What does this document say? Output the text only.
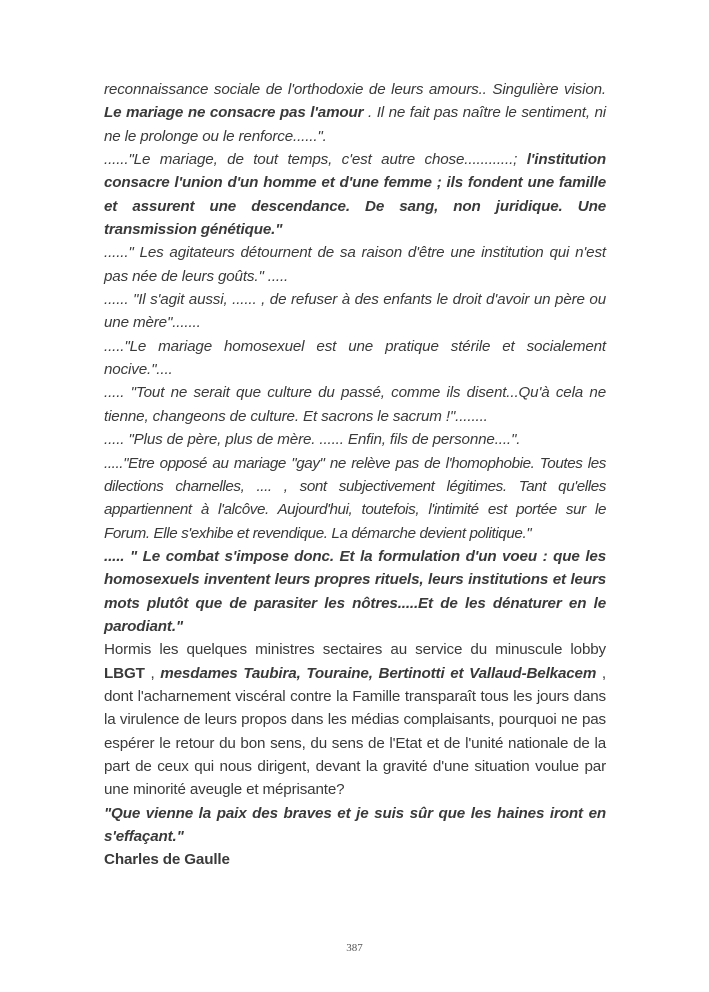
reconnaissance sociale de l'orthodoxie de leurs amours.. Singulière vision. Le mariage ne consacre pas l'amour . Il ne fait pas naître le sentiment, ni ne le prolonge ou le renforce......".

......"Le mariage, de tout temps, c'est autre chose............; l'institution consacre l'union d'un homme et d'une femme ; ils fondent une famille et assurent une descendance. De sang, non juridique. Une transmission génétique."

......" Les agitateurs détournent de sa raison d'être une institution qui n'est pas née de leurs goûts." .....

...... "Il s'agit aussi, ...... , de refuser à des enfants le droit d'avoir un père ou une mère".......

....."Le mariage homosexuel est une pratique stérile et socialement nocive."....

..... "Tout ne serait que culture du passé, comme ils disent...Qu'à cela ne tienne, changeons de culture. Et sacrons le sacrum !"........

..... "Plus de père, plus de mère. ...... Enfin, fils de personne....".

....."Etre opposé au mariage "gay" ne relève pas de l'homophobie. Toutes les dilections charnelles, .... , sont subjectivement légitimes. Tant qu'elles appartiennent à l'alcôve. Aujourd'hui, toutefois, l'intimité est portée sur le Forum. Elle s'exhibe et revendique. La démarche devient politique."

..... " Le combat s'impose donc. Et la formulation d'un voeu : que les homosexuels inventent leurs propres rituels, leurs institutions et leurs mots plutôt que de parasiter les nôtres.....Et de les dénaturer en le parodiant."

Hormis les quelques ministres sectaires au service du minuscule lobby LBGT , mesdames Taubira, Touraine, Bertinotti et Vallaud-Belkacem , dont l'acharnement viscéral contre la Famille transparaît tous les jours dans la virulence de leurs propos dans les médias complaisants, pourquoi ne pas espérer le retour du bon sens, du sens de l'Etat et de l'unité nationale de la part de ceux qui nous dirigent, devant la gravité d'une situation voulue par une minorité aveugle et méprisante?

"Que vienne la paix des braves et je suis sûr que les haines iront en s'effaçant."

Charles de Gaulle

387
